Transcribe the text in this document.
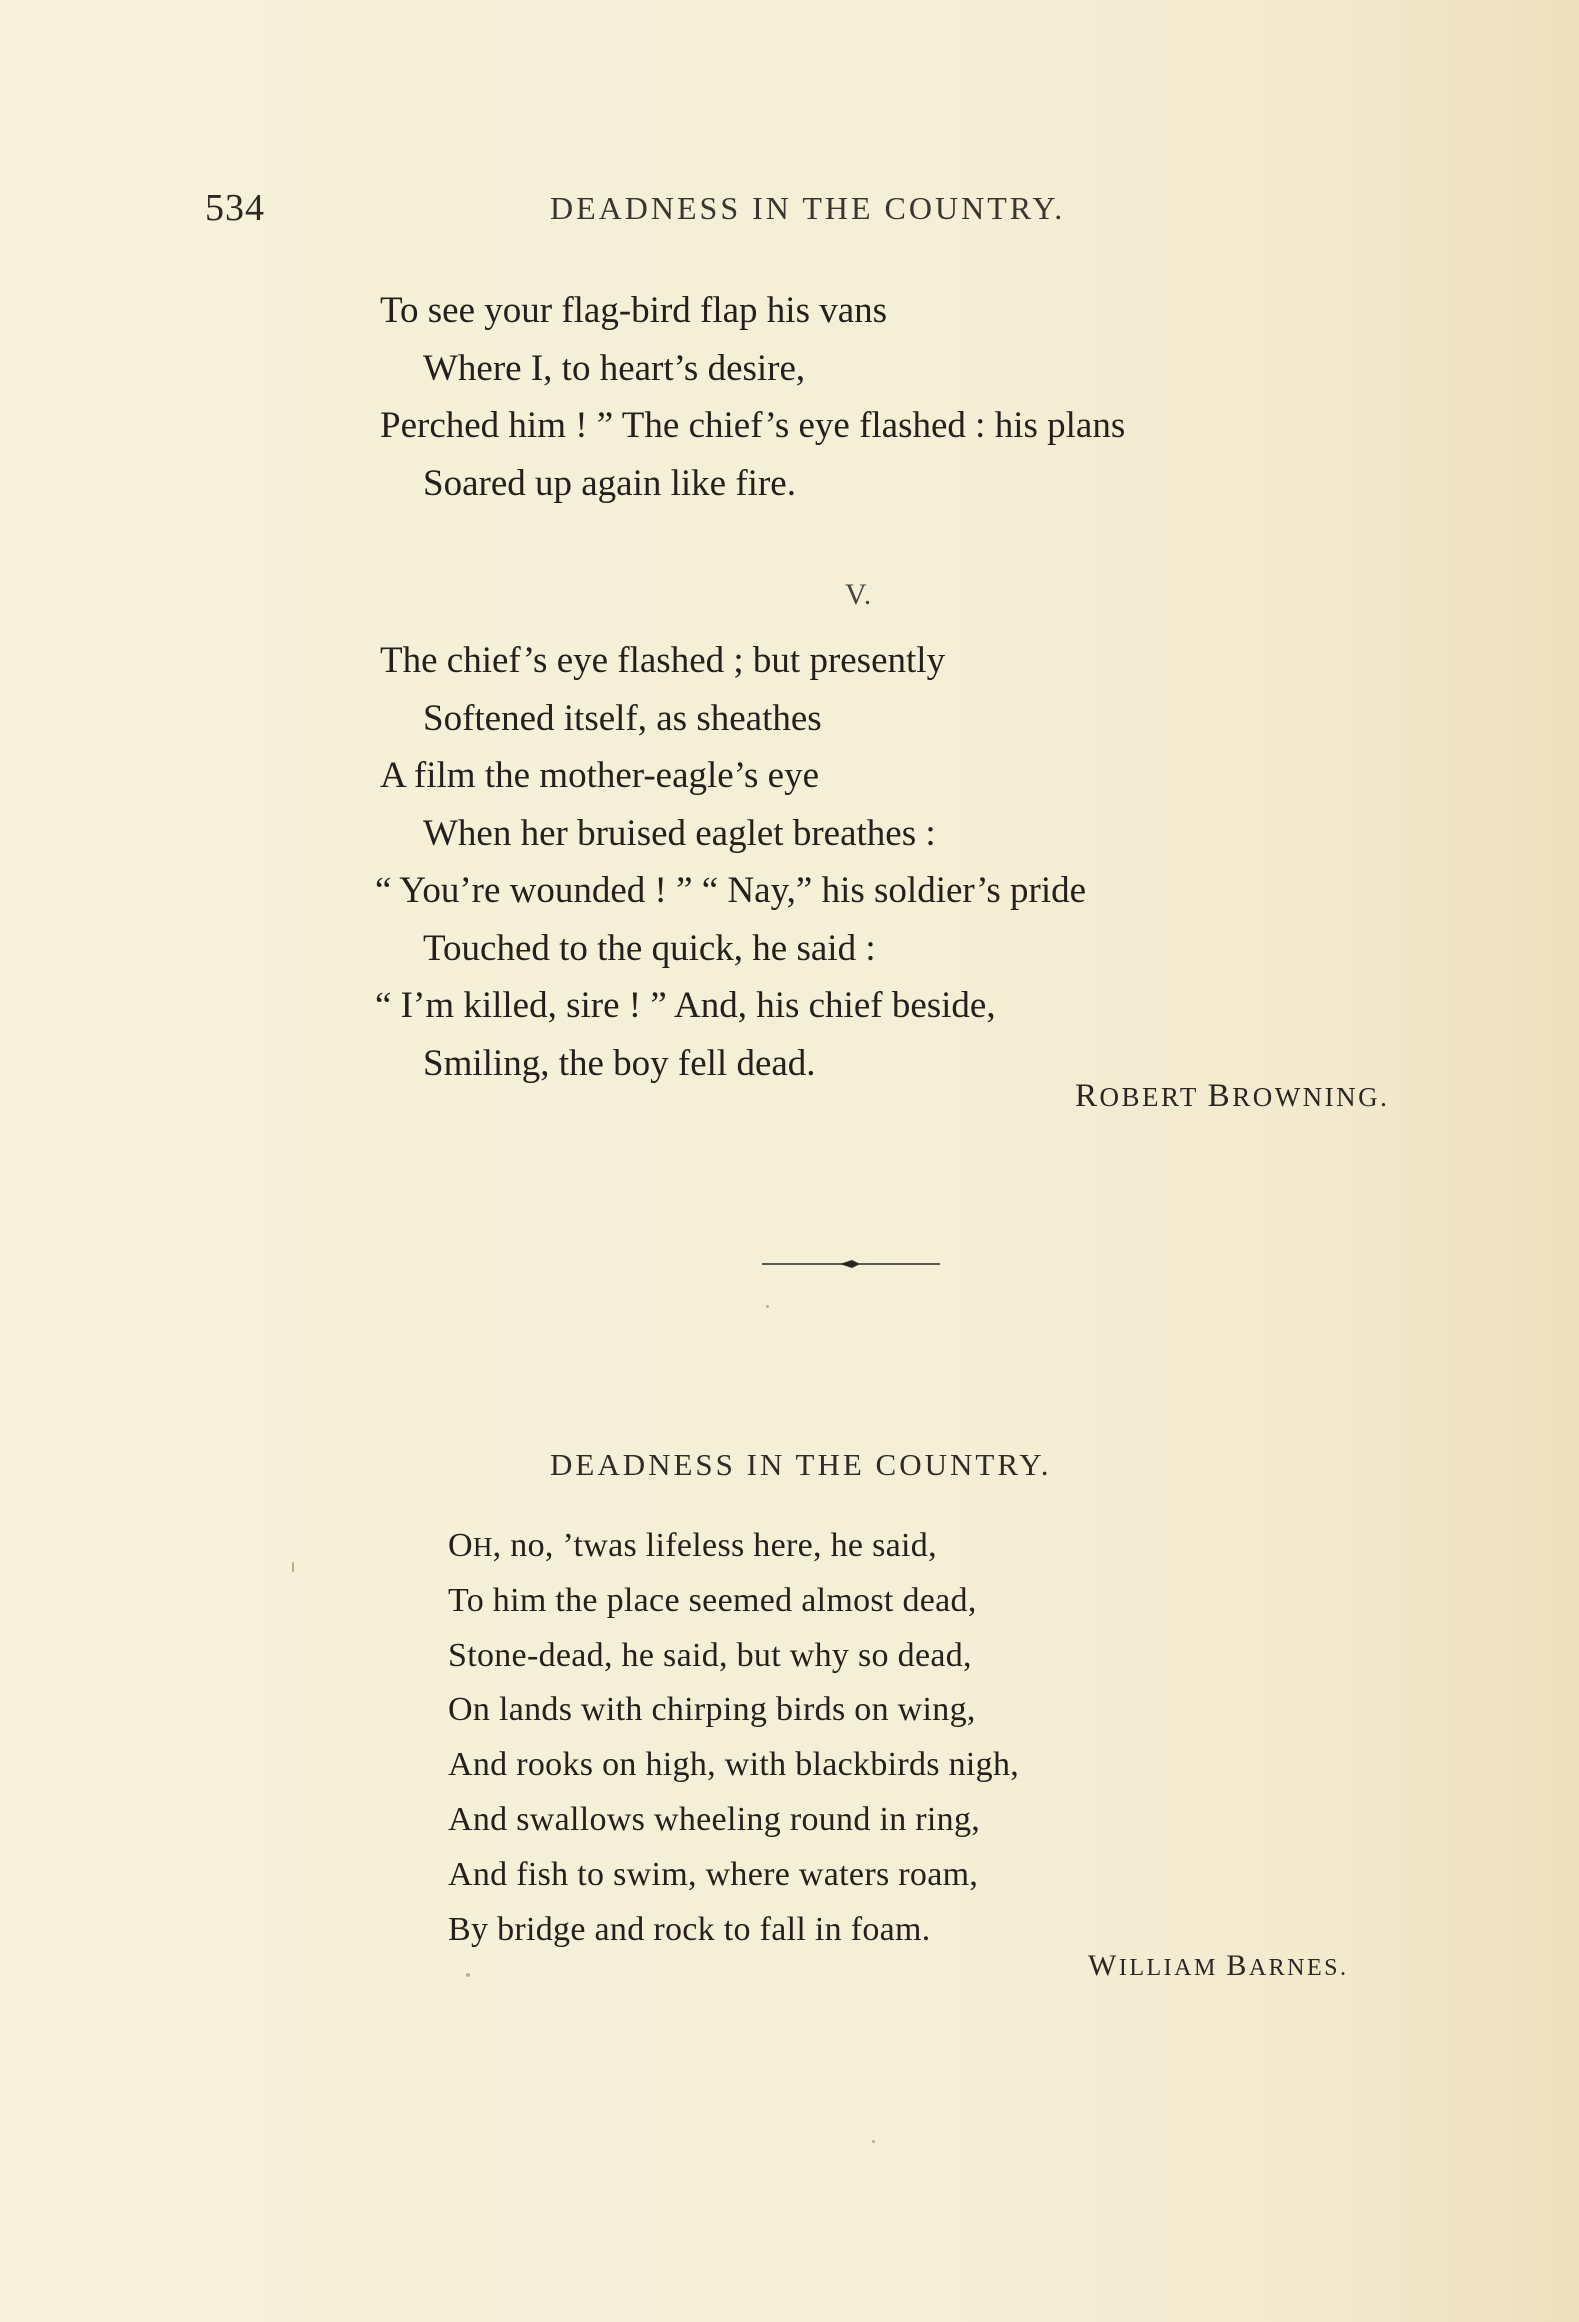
534	DEADNESS IN THE COUNTRY.
To see your flag-bird flap his vans
Where I, to heart’s desire,
Perched him ! ” The chief’s eye flashed : his plans
Soared up again like fire.
V.
The chief’s eye flashed ; but presently
Softened itself, as sheathes
A film the mother-eagle’s eye
When her bruised eaglet breathes :
“ You’re wounded ! ” “ Nay,” his soldier’s pride
Touched to the quick, he said :
“ I’m killed, sire ! ” And, his chief beside,
Smiling, the boy fell dead.
ROBERT BROWNING.
DEADNESS IN THE COUNTRY.
OH, no, ’twas lifeless here, he said,
To him the place seemed almost dead,
Stone-dead, he said, but why so dead,
On lands with chirping birds on wing,
And rooks on high, with blackbirds nigh,
And swallows wheeling round in ring,
And fish to swim, where waters roam,
By bridge and rock to fall in foam.
WILLIAM BARNES.
